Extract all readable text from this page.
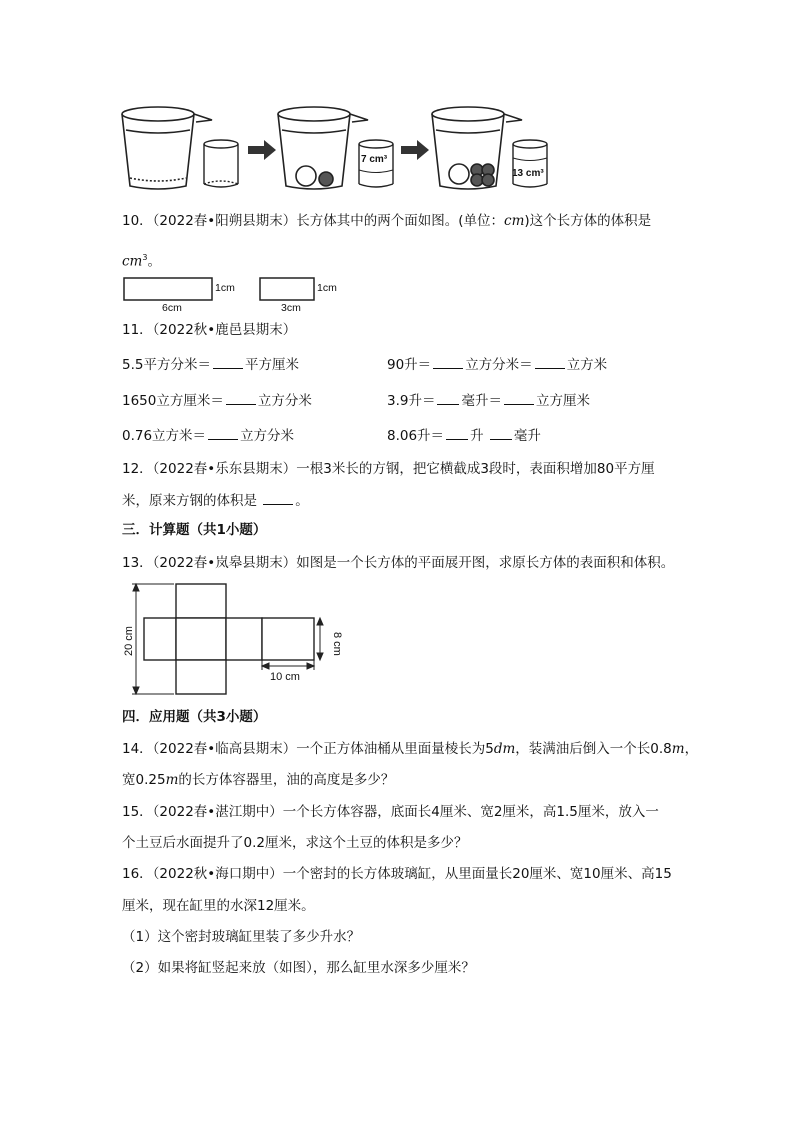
7 cm³
13 cm³
10．（2022春•阳朔县期末）长方体其中的两个面如图。(单位：cm)这个长方体的体积是
$cm^3$。
6cm
1cm
3cm
1cm
11．（2022秋•鹿邑县期末）
5.5平方分米＝	平方厘米	90升＝	立方分米＝	立方米
1650立方厘米＝	立方分米	3.9升＝ 毫升＝	立方厘米
0.76立方米＝	立方分米	8.06升＝ 升 毫升
12．（2022春•乐东县期末）一根3米长的方钢，把它横截成3段时，表面积增加80平方厘
米，原来方钢的体积是	。
三．计算题（共1小题）
13．（2022春•岚皋县期末）如图是一个长方体的平面展开图，求原长方体的表面积和体积。
20 cm	8 cm
10 cm
四．应用题（共3小题）
14．（2022春•临高县期末）一个正方体油桶从里面量棱长为5dm，装满油后倒入一个长0.8m，
宽0.25m的长方体容器里，油的高度是多少？
15．（2022春•湛江期中）一个长方体容器，底面长4厘米、宽2厘米，高1.5厘米，放入一
个土豆后水面提升了0.2厘米，求这个土豆的体积是多少？
16．（2022秋•海口期中）一个密封的长方体玻璃缸，从里面量长20厘米、宽10厘米、高15
厘米，现在缸里的水深12厘米。
（1）这个密封玻璃缸里装了多少升水？
（2）如果将缸竖起来放（如图），那么缸里水深多少厘米？
